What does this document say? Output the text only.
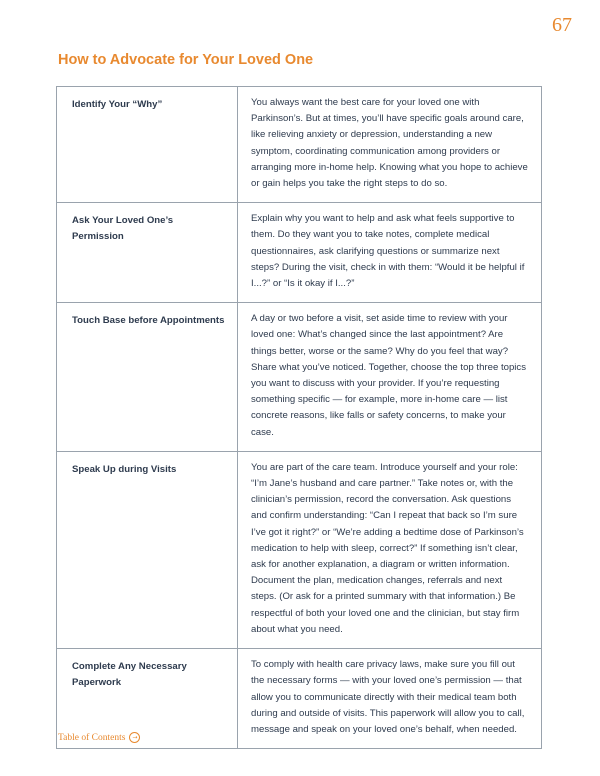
67
How to Advocate for Your Loved One
Identify Your “Why”	You always want the best care for your loved one with Parkinson’s. But at times, you’ll have specific goals around care, like relieving anxiety or depression, understanding a new symptom, coordinating communication among providers or arranging more in-home help. Knowing what you hope to achieve or gain helps you take the right steps to do so.
Ask Your Loved One’s Permission	Explain why you want to help and ask what feels supportive to them. Do they want you to take notes, complete medical questionnaires, ask clarifying questions or summarize next steps? During the visit, check in with them: “Would it be helpful if I...?” or “Is it okay if I...?”
Touch Base before Appointments	A day or two before a visit, set aside time to review with your loved one: What’s changed since the last appointment? Are things better, worse or the same? Why do you feel that way? Share what you’ve noticed. Together, choose the top three topics you want to discuss with your provider. If you’re requesting something specific — for example, more in-home care — list concrete reasons, like falls or safety concerns, to make your case.
Speak Up during Visits	You are part of the care team. Introduce yourself and your role: “I’m Jane’s husband and care partner.” Take notes or, with the clinician’s permission, record the conversation. Ask questions and confirm understanding: “Can I repeat that back so I’m sure I’ve got it right?” or “We’re adding a bedtime dose of Parkinson’s medication to help with sleep, correct?” If something isn’t clear, ask for another explanation, a diagram or written information. Document the plan, medication changes, referrals and next steps. (Or ask for a printed summary with that information.) Be respectful of both your loved one and the clinician, but stay firm about what you need.
Complete Any Necessary Paperwork	To comply with health care privacy laws, make sure you fill out the necessary forms — with your loved one’s permission — that allow you to communicate directly with their medical team both during and outside of visits. This paperwork will allow you to call, message and speak on your loved one’s behalf, when needed.
Table of Contents	→
